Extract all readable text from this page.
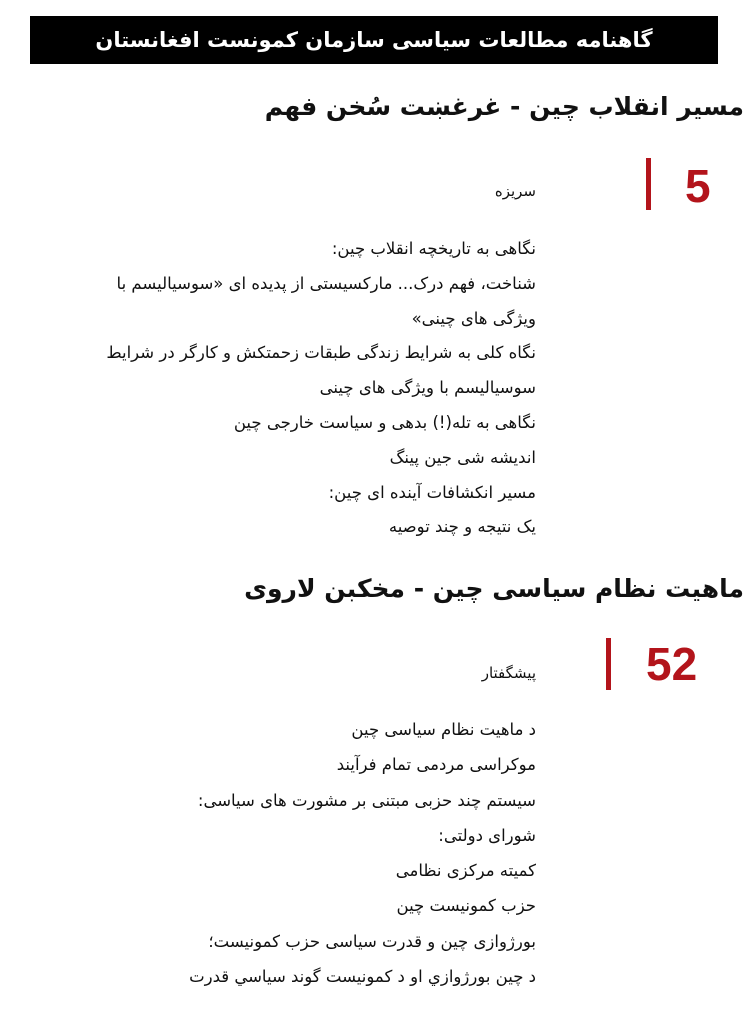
گاهنامه مطالعات سیاسی سازمان کمونست افغانستان
مسیر انقلاب چین - غرغښت سُخن فهم
5
سریزه
نگاهی به تاریخچه انقلاب چین:
شناخت، فهم درک... مارکسیستی از پدیده ای «سوسیالیسم با
ویژگی های چینی»
نگاه کلی به شرایط زندگی طبقات زحمتکش و کارگر در شرایط
سوسیالیسم با ویژگی های چینی
نگاهی به تله(!) بدهی و سیاست خارجی چین
اندیشه شی جین پینگ
مسیر انکشافات آینده ای چین:
یک نتیجه و چند توصیه
ماهیت نظام سیاسی چین - مخکبن لاروی
52
پیشگفتار
د ماهیت نظام سیاسی چین
موکراسی مردمی تمام فرآیند
سیستم چند حزبی مبتنی بر مشورت های سیاسی:
شورای دولتی:
کمیته مرکزی نظامی
حزب کمونیست چین
بورژوازی چین و قدرت سیاسی حزب کمونیست؛
د چین بورژوازي او د کمونیست گوند سیاسي قدرت
